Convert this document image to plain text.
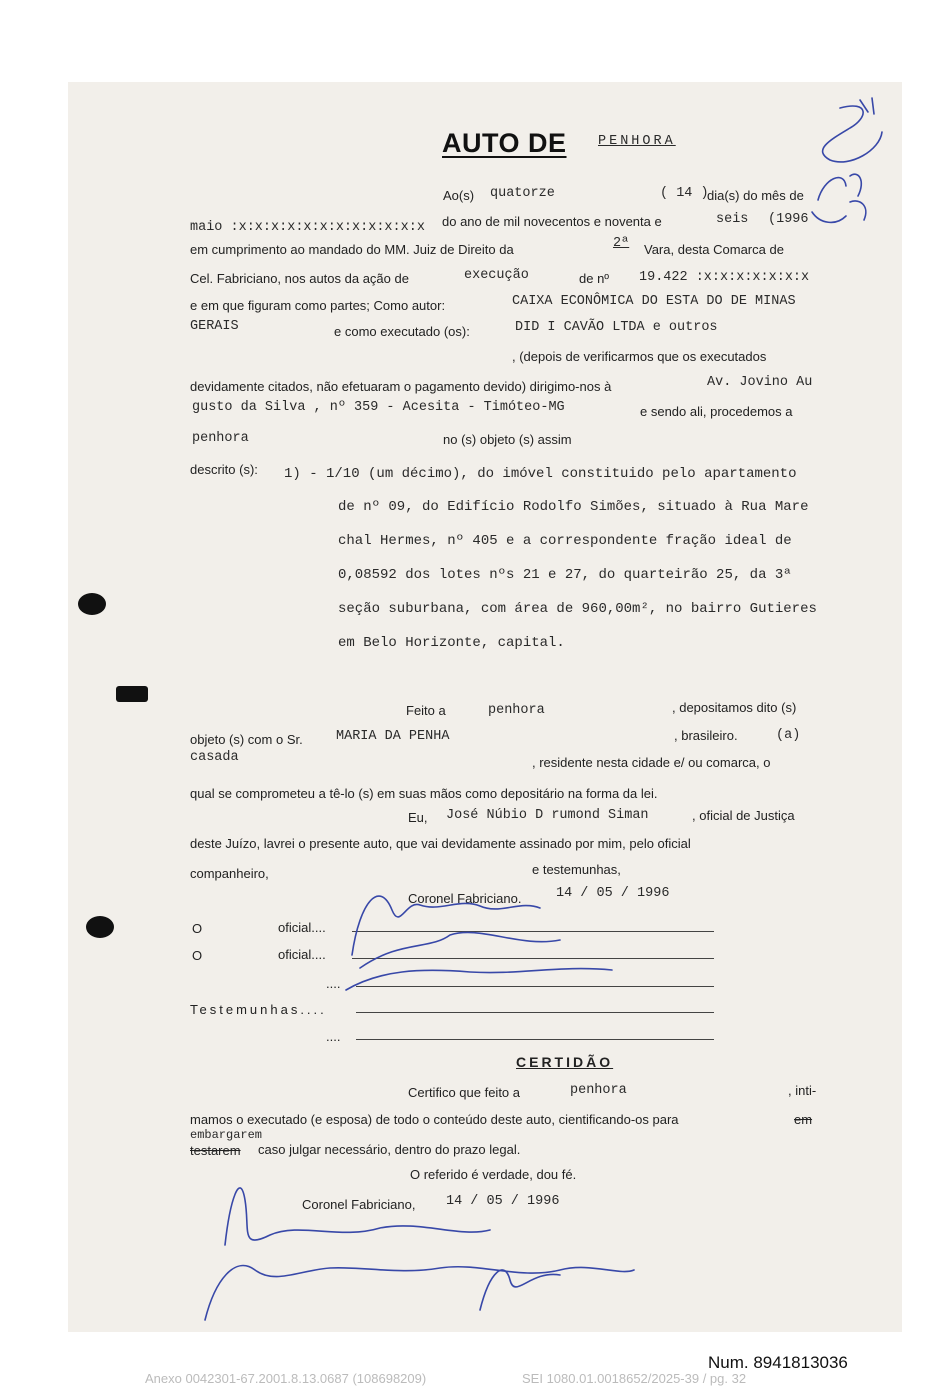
AUTO DE PENHORA
Ao(s) quatorze	( 14 )
dia(s) do mês de
maio :x:x:x:x:x:x:x:x:x:x:x:x do ano de mil novecentos e noventa e	seis (1996
em cumprimento ao mandado do MM. Juiz de Direito da	2ª Vara, desta Comarca de
Cel. Fabriciano, nos autos da ação de	execução	de nº 19.422 :x:x:x:x:x:x:x
e em que figuram como partes; Como autor:	CAIXA ECONÔMICA DO ESTA DO DE MINAS
GERAIS	e como executado (os):	DID I CAVÃO LTDA e outros
, (depois de verificarmos que os executados
devidamente citados, não efetuaram o pagamento devido) dirigimo-nos à	Av. Jovino Au
gusto da Silva , nº 359 - Acesita - Timóteo-MG	e sendo ali, procedemos a
penhora	no (s) objeto (s) assim
descrito (s): 1) - 1/10 (um décimo), do imóvel constituido pelo apartamento
de nº 09, do Edifício Rodolfo Simões, situado à Rua Mare
chal Hermes, nº 405 e a correspondente fração ideal de
0,08592 dos lotes nºs 21 e 27, do quarteirão 25, da 3ª
seção suburbana, com área de 960,00m², no bairro Gutieres
em Belo Horizonte, capital.
Feito a	penhora	, depositamos dito (s)
objeto (s) com o Sr. MARIA DA PENHA	, brasileiro.	(a)
casada	, residente nesta cidade e/ ou comarca, o
qual se comprometeu a tê-lo (s) em suas mãos como depositário na forma da lei.
Eu, José Núbio D rumond Siman	, oficial de Justiça
deste Juízo, lavrei o presente auto, que vai devidamente assinado por mim, pelo oficial
companheiro,	e testemunhas,
Coronel Fabriciano.	14 / 05 / 1996
O	oficial....
O	oficial....
....
Testemunhas....
....
CERTIDÃO
Certifico que feito a	penhora	, inti-
mamos o executado (e esposa) de todo o conteúdo deste auto, cientificando-os para	em
embargarem
testarem caso julgar necessário, dentro do prazo legal.
O referido é verdade, dou fé.
Coronel Fabriciano, 14 / 05 / 1996
Num. 8941813036
Anexo 0042301-67.2001.8.13.0687 (108698209)	SEI 1080.01.0018652/2025-39 / pg. 32
